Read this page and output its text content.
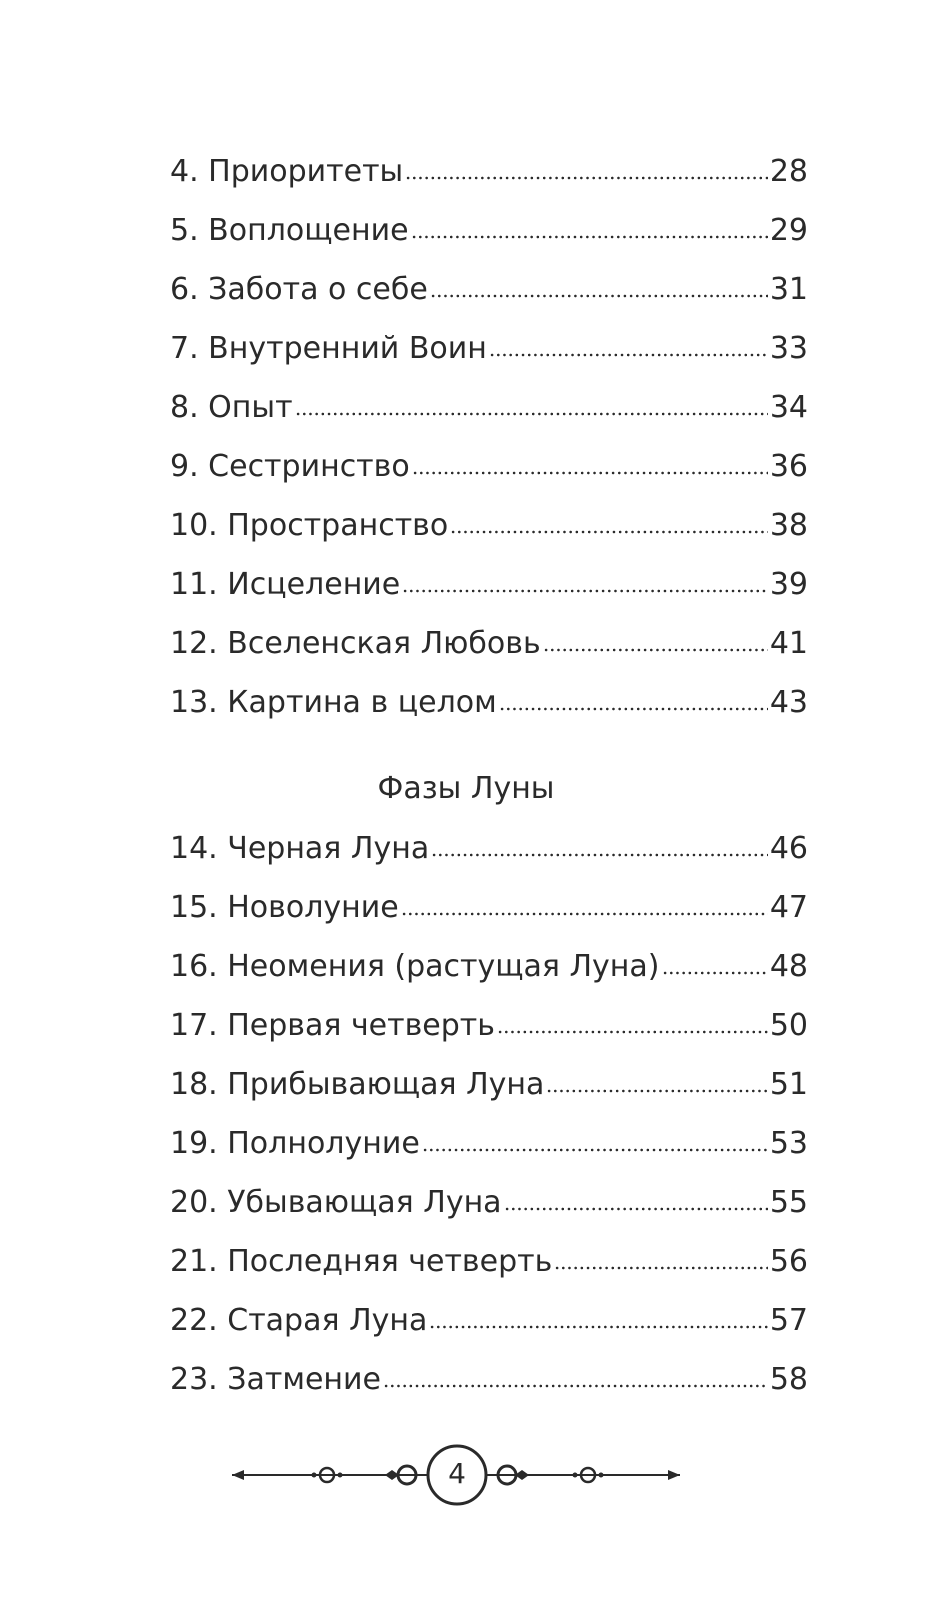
4. Приоритеты	28
5. Воплощение	29
6. Забота о себе	31
7. Внутренний Воин	33
8. Опыт	34
9. Сестринство	36
10. Пространство	38
11. Исцеление	39
12. Вселенская Любовь	41
13. Картина в целом	43
14. Черная Луна	46
15. Новолуние	47
16. Неомения (растущая Луна)	48
17. Первая четверть	50
18. Прибывающая Луна	51
19. Полнолуние	53
20. Убывающая Луна	55
21. Последняя четверть	56
22. Старая Луна	57
23. Затмение	58
Фазы Луны
4
